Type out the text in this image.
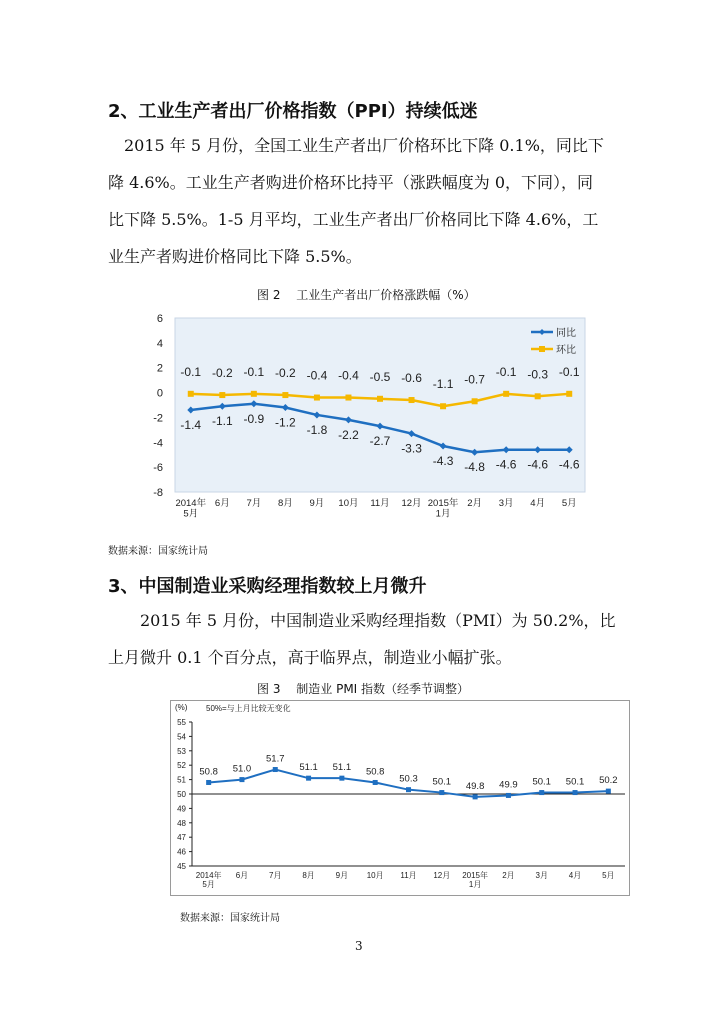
2、工业生产者出厂价格指数（PPI）持续低迷
2015 年 5 月份，全国工业生产者出厂价格环比下降 0.1%，同比下
降 4.6%。工业生产者购进价格环比持平（涨跌幅度为 0，下同），同
比下降 5.5%。1-5 月平均，工业生产者出厂价格同比下降 4.6%，工
业生产者购进价格同比下降 5.5%。
图 2　 工业生产者出厂价格涨跌幅（%）
6
4
2
0
-2
-4
-6
-8
2014年 5月
6月 7月 8月 9月 10月 11月 12月 2015年 1月
2月 3月 4月 5月
-1.4 -1.1 -0.9 -1.2
-1.8 -2.2 -2.7
-3.3
-4.3 -4.8 -4.6 -4.6 -4.6
-0.1 -0.2 -0.1 -0.2 -0.4 -0.4 -0.5 -0.6 -1.1 -0.7
-0.1 -0.3 -0.1
同比
环比
数据来源：国家统计局
3、中国制造业采购经理指数较上月微升
2015 年 5 月份，中国制造业采购经理指数（PMI）为 50.2%，比
上月微升 0.1 个百分点，高于临界点，制造业小幅扩张。
图 3　 制造业 PMI 指数（经季节调整）
(%) 50%=与上月比较无变化
55
54
53
52
51
50
49
48
47
46
45
2014年 5月
6月	7月	8月	9月 10月 11月 12月 2015年 1月
2月	3月	4月	5月
50.8 51.0
51.7
51.1 51.1 50.8
50.3 50.1 49.8 49.9 50.1 50.1 50.2
数据来源：国家统计局
3
